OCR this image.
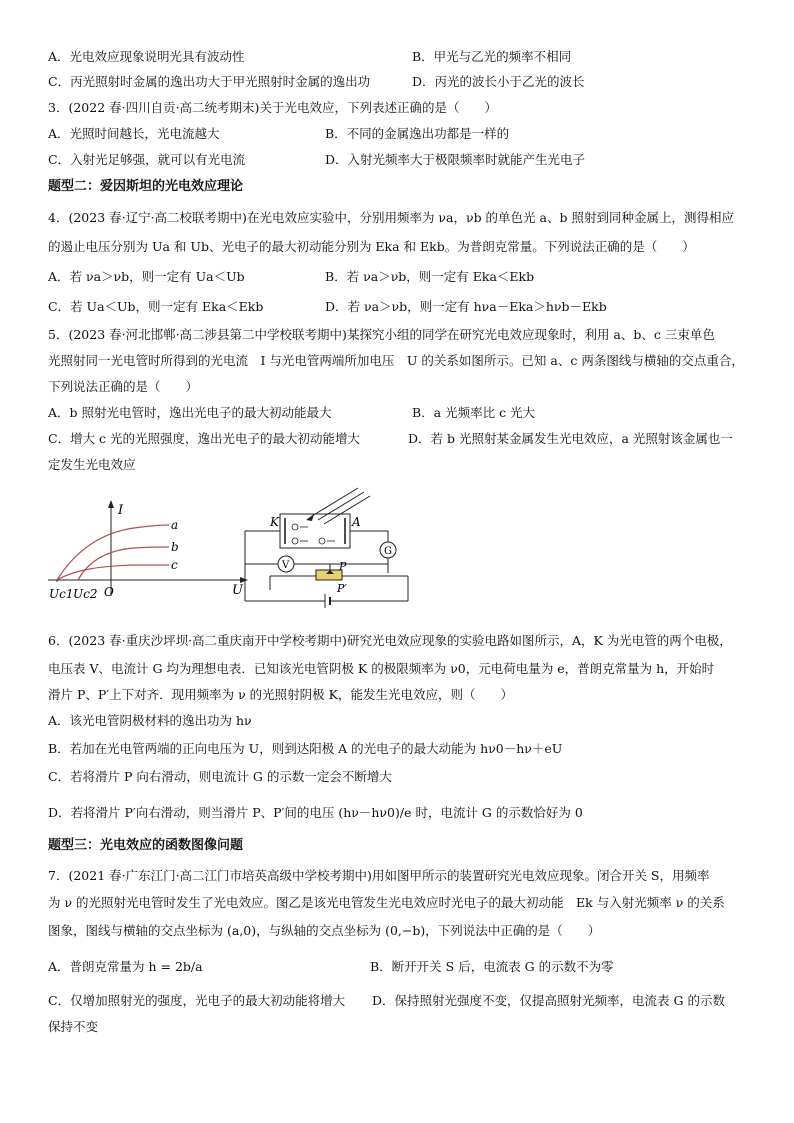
A．光电效应现象说明光具有波动性	B．甲光与乙光的频率不相同
C．丙光照射时金属的逸出功大于甲光照射时金属的逸出功	D．丙光的波长小于乙光的波长
3．(2022 春·四川自贡·高二统考期末)关于光电效应，下列表述正确的是（　　）
A．光照时间越长，光电流越大	B．不同的金属逸出功都是一样的
C．入射光足够强，就可以有光电流	D．入射光频率大于极限频率时就能产生光电子
题型二：爱因斯坦的光电效应理论
4．(2023 春·辽宁·高二校联考期中)在光电效应实验中，分别用频率为 νa，νb 的单色光 a、b 照射到同种金属上，测得相应
的遏止电压分别为 Ua 和 Ub、光电子的最大初动能分别为 Eka 和 Ekb。为普朗克常量。下列说法正确的是（　　）
A．若 νa＞νb，则一定有 Ua＜Ub	B．若 νa＞νb，则一定有 Eka＜Ekb
C．若 Ua＜Ub，则一定有 Eka＜Ekb	D．若 νa＞νb，则一定有 hνa－Eka＞hνb－Ekb
5．(2023 春·河北邯郸·高二涉县第二中学校联考期中)某探究小组的同学在研究光电效应现象时，利用 a、b、c 三束单色
光照射同一光电管时所得到的光电流　I 与光电管两端所加电压　U 的关系如图所示。已知 a、c 两条图线与横轴的交点重合，
下列说法正确的是（　　）
A．b 照射光电管时，逸出光电子的最大初动能最大	B．a 光频率比 c 光大
C．增大 c 光的光照强度，逸出光电子的最大初动能增大	D．若 b 光照射某金属发生光电效应，a 光照射该金属也一
定发生光电效应
I
U
a
b
c
Uc1 Uc2 O
K	A
G
V	P
P′
6．(2023 春·重庆沙坪坝·高二重庆南开中学校考期中)研究光电效应现象的实验电路如图所示，A，K 为光电管的两个电极，
电压表 V、电流计 G 均为理想电表．已知该光电管阴极 K 的极限频率为 ν0，元电荷电量为 e，普朗克常量为 h，开始时
滑片 P、P′上下对齐．现用频率为 ν 的光照射阴极 K，能发生光电效应，则（　　）
A．该光电管阴极材料的逸出功为 hν
B．若加在光电管两端的正向电压为 U，则到达阳极 A 的光电子的最大动能为 hν0－hν＋eU
C．若将滑片 P 向右滑动，则电流计 G 的示数一定会不断增大
D．若将滑片 P′向右滑动，则当滑片 P、P′间的电压 (hν－hν0)/e 时，电流计 G 的示数恰好为 0
题型三：光电效应的函数图像问题
7．(2021 春·广东江门·高二江门市培英高级中学校考期中)用如图甲所示的装置研究光电效应现象。闭合开关 S，用频率
为 ν 的光照射光电管时发生了光电效应。图乙是该光电管发生光电效应时光电子的最大初动能　Ek 与入射光频率 ν 的关系
图象，图线与横轴的交点坐标为 (a,0)，与纵轴的交点坐标为 (0,−b)，下列说法中正确的是（　　）
A．普朗克常量为 h = 2b/a	B．断开开关 S 后，电流表 G 的示数不为零
C．仅增加照射光的强度，光电子的最大初动能将增大 D．保持照射光强度不变，仅提高照射光频率，电流表 G 的示数
保持不变
